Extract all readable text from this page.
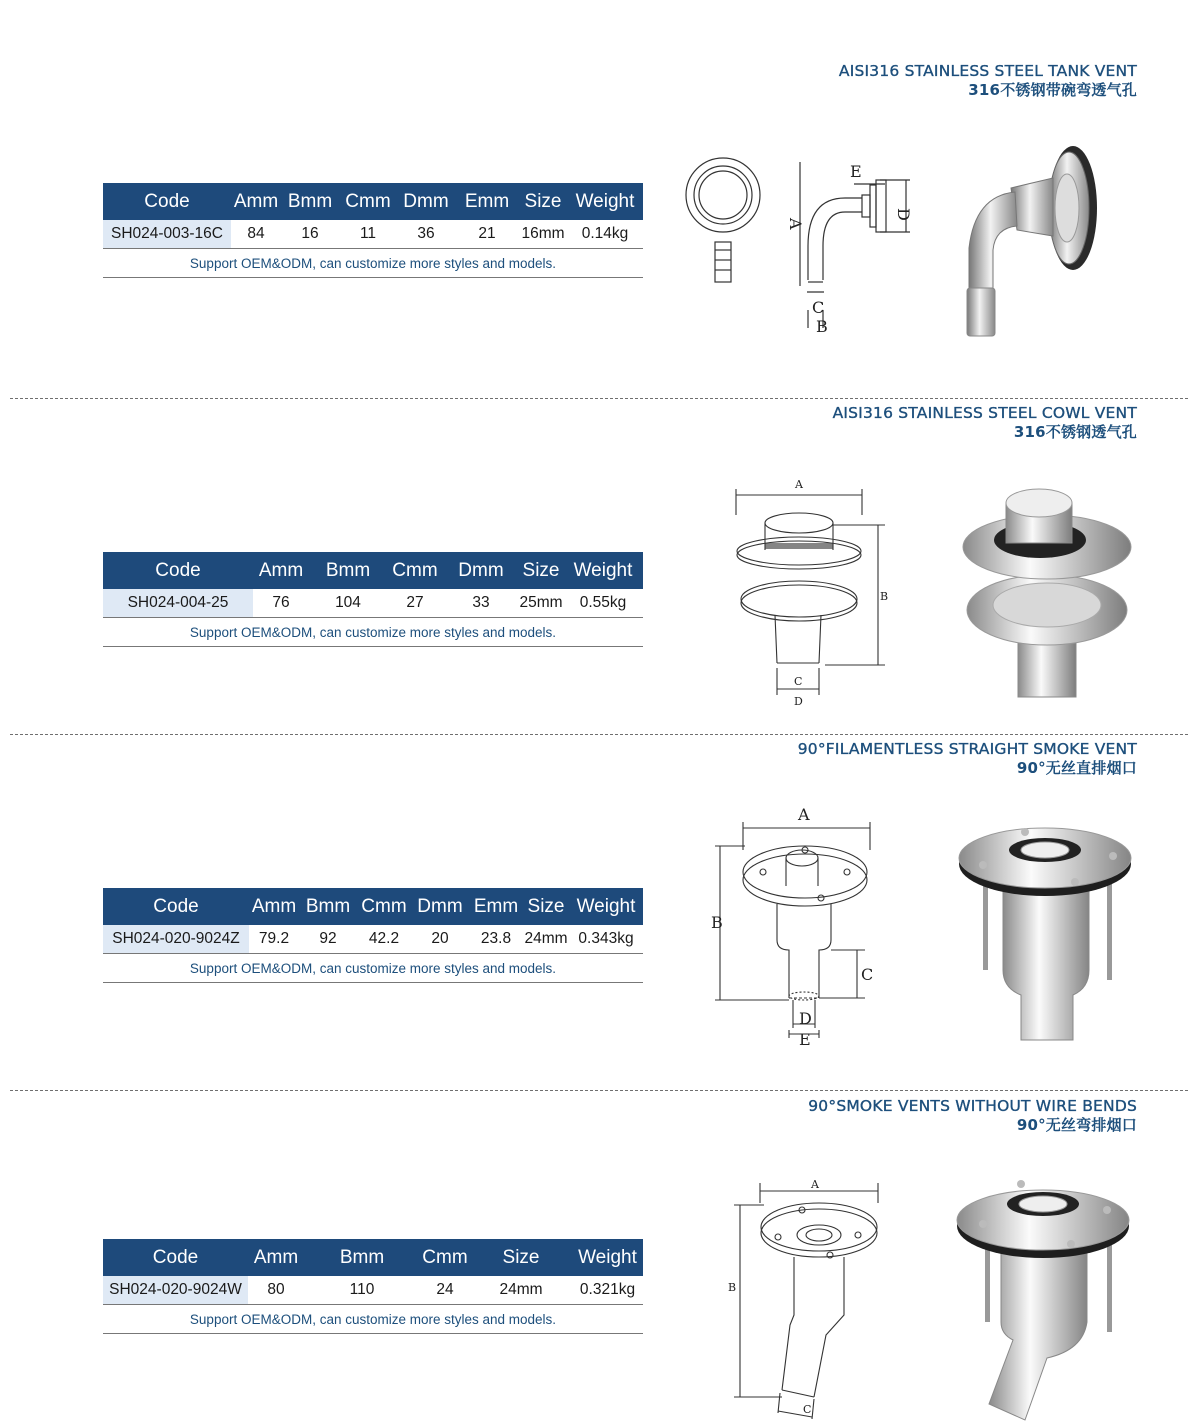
AISI316 STAINLESS STEEL TANK VENT
316不锈钢带碗弯透气孔
Code	Amm	Bmm	Cmm	Dmm	Emm	Size	Weight
SH024-003-16C	84	16	11	36	21	16mm	0.14kg
Support OEM&ODM, can customize more styles and models.							
A
B
C
D
E
AISI316 STAINLESS STEEL COWL VENT
316不锈钢透气孔
Code	Amm	Bmm	Cmm	Dmm	Size	Weight
SH024-004-25	76	104	27	33	25mm	0.55kg
Support OEM&ODM, can customize more styles and models.						
A
B
C
D
90°FILAMENTLESS STRAIGHT SMOKE VENT
90°无丝直排烟口
Code	Amm	Bmm	Cmm	Dmm	Emm	Size	Weight
SH024-020-9024Z	79.2	92	42.2	20	23.8	24mm	0.343kg
Support OEM&ODM, can customize more styles and models.							
A
B
C
D
E
90°SMOKE VENTS WITHOUT WIRE BENDS
90°无丝弯排烟口
Code	Amm	Bmm	Cmm	Size	Weight
SH024-020-9024W	80	110	24	24mm	0.321kg
Support OEM&ODM, can customize more styles and models.					
A
B
C
